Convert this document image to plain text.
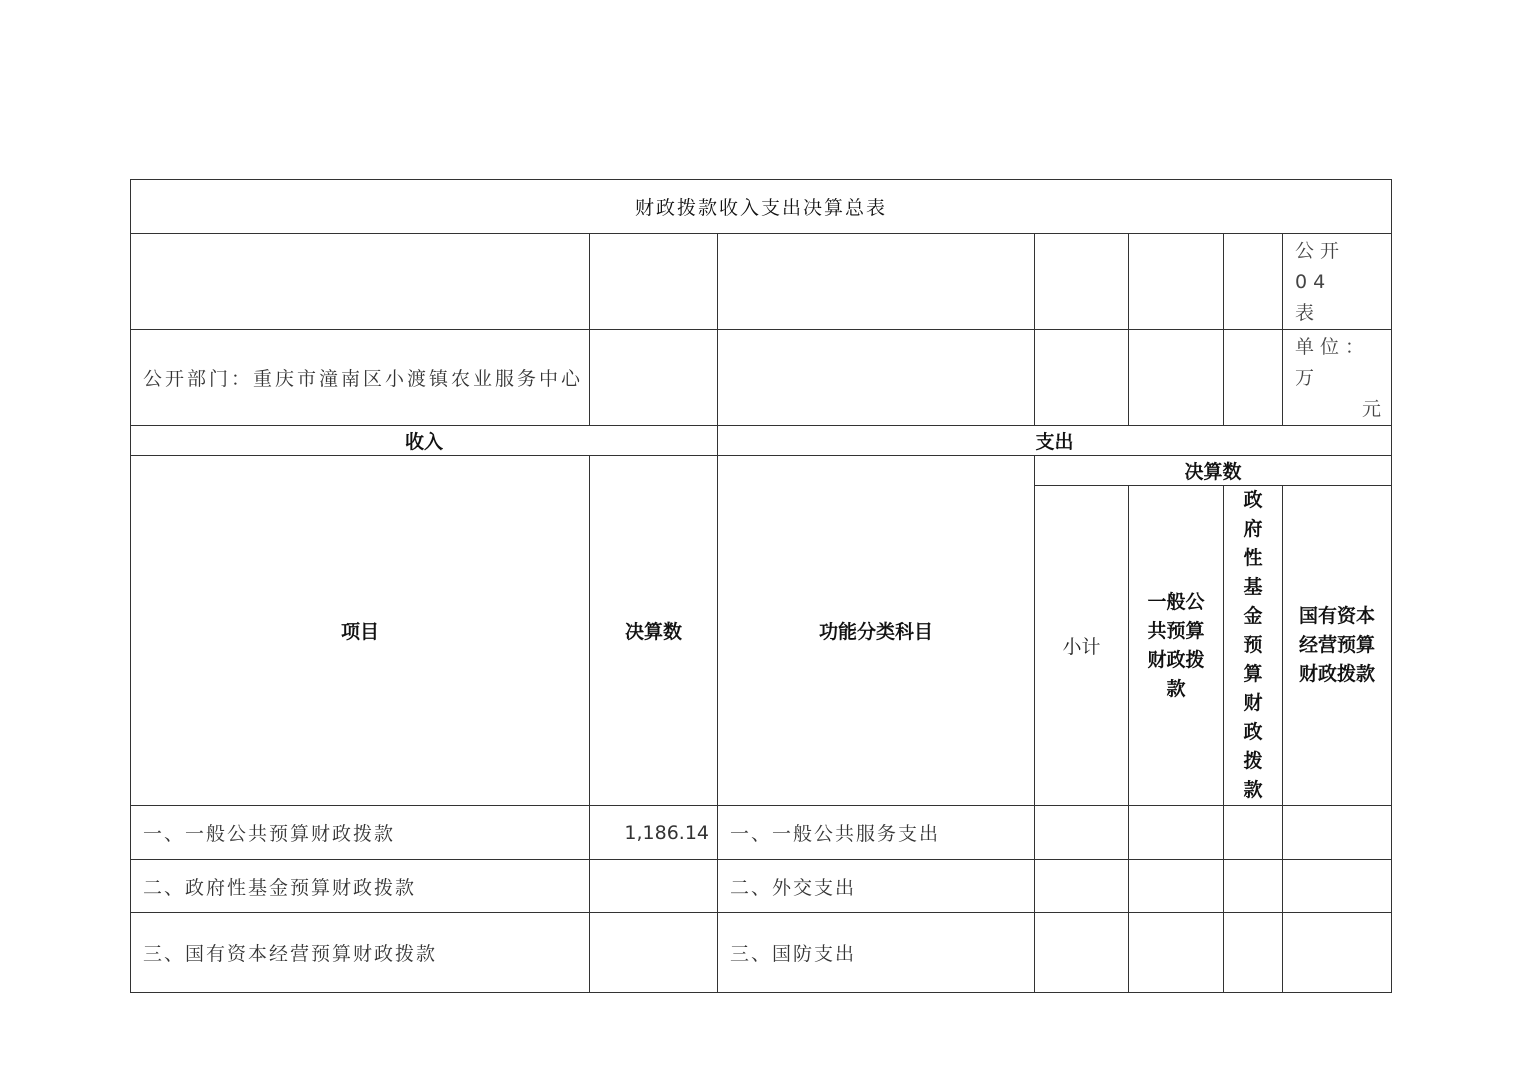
财政拨款收入支出决算总表						
						公开 04
表
公开部门：重庆市潼南区小渡镇农业服务中心						单位：万
元

收入		支出				
项目	决算数	功能分类科目	决算数			
			小计	一般公共预算财政拨款	政府性基金预算财政拨款	国有资本经营预算财政拨款
一、一般公共预算财政拨款	1,186.14	一、一般公共服务支出				
二、政府性基金预算财政拨款		二、外交支出				
三、国有资本经营预算财政拨款		三、国防支出				
